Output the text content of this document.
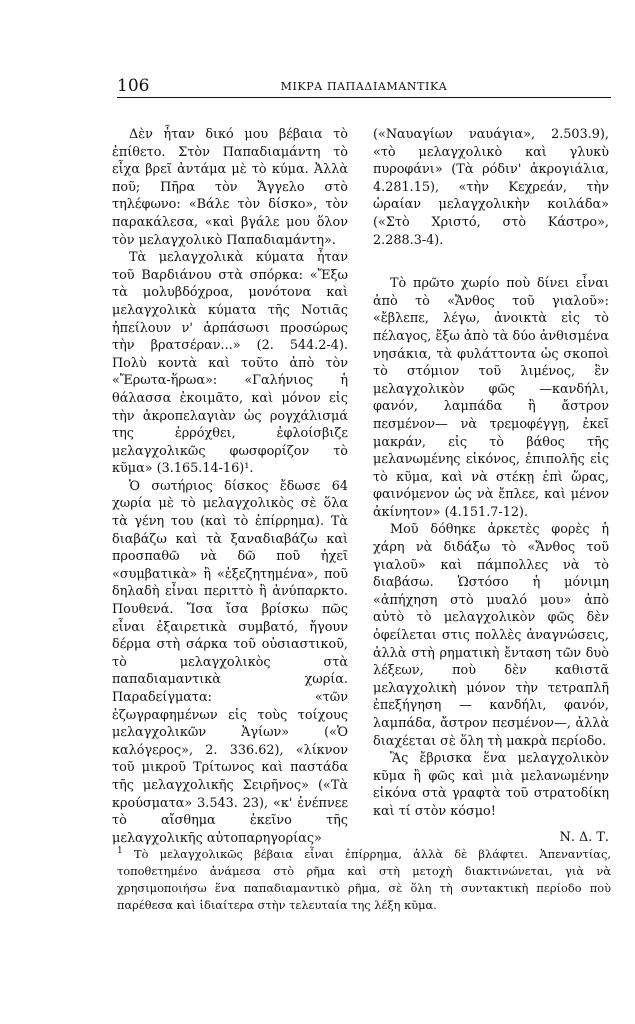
106	ΜΙΚΡΑ ΠΑΠΑΔΙΑΜΑΝΤΙΚΑ

Δὲν ἦταν δικό μου βέβαια τὸ ἐπίθετο. Στὸν Παπαδιαμάντη τὸ εἶχα βρεῖ ἀντάμα μὲ τὸ κύμα. Ἀλλὰ ποῦ; Πῆρα τὸν Ἄγγελο στὸ τηλέφωνο: «Βάλε τὸν δίσκο», τὸν παρακάλεσα, «καὶ βγάλε μου ὅλον τὸν μελαγχολικὸ Παπαδιαμάντη».

Τὰ μελαγχολικὰ κύματα ἦταν τοῦ Βαρδιάνου στὰ σπόρκα: «Ἔξω τὰ μολυβδόχροα, μονότονα καὶ μελαγχολικὰ κύματα τῆς Νοτιᾶς ἠπείλουν ν' ἁρπάσωσι προσώρως τὴν βρατσέραν...» (2. 544.2-4). Πολὺ κοντὰ καὶ τοῦτο ἀπὸ τὸν «Ἔρωτα-ἥρωα»: «Γαλήνιος ἡ θάλασσα ἐκοιμᾶτο, καὶ μόνον εἰς τὴν ἀκροπελαγιὰν ὡς ρογχάλισμά της ἐρρόχθει, ἐφλοίσβιζε μελαγχολικῶς φωσφορίζον τὸ κῦμα» (3.165.14-16)¹.

Ὁ σωτήριος δίσκος ἔδωσε 64 χωρία μὲ τὸ μελαγχολικὸς σὲ ὅλα τὰ γένη του (καὶ τὸ ἐπίρρημα). Τὰ διαβάζω καὶ τὰ ξαναδιαβάζω καὶ προσπαθῶ νὰ δῶ ποῦ ἠχεῖ «συμβατικὰ» ἢ «ἐξεζητημένα», ποῦ δηλαδὴ εἶναι περιττὸ ἢ ἀνύπαρκτο. Πουθενά. Ἴσα ἴσα βρίσκω πῶς εἶναι ἐξαιρετικὰ συμβατό, ἤγουν δέρμα στὴ σάρκα τοῦ οὐσιαστικοῦ, τὸ μελαγχολικὸς στὰ παπαδιαμαντικὰ χωρία. Παραδείγματα: «τῶν ἐζωγραφημένων εἰς τοὺς τοίχους μελαγχολικῶν Ἁγίων» («Ὁ καλόγερος», 2. 336.62), «λίκνον τοῦ μικροῦ Τρίτωνος καὶ παστάδα τῆς μελαγχολικῆς Σειρῆνος» («Τὰ κρούσματα» 3.543. 23), «κ' ἐνέπνεε τὸ αἴσθημα ἐκεῖνο τῆς μελαγχολικῆς αὐτοπαρηγορίας»

(«Ναυαγίων ναυάγια», 2.503.9), «τὸ μελαγχολικὸ καὶ γλυκὺ πυροφάνι» (Τὰ ρόδιν' ἀκρογιάλια, 4.281.15), «τὴν Κεχρεάν, τὴν ὡραίαν μελαγχολικὴν κοιλάδα» («Στὸ Χριστό, στὸ Κάστρο», 2.288.3-4).

Τὸ πρῶτο χωρίο ποὺ δίνει εἶναι ἀπὸ τὸ «Ἄνθος τοῦ γιαλοῦ»: «ἔβλεπε, λέγω, ἀνοικτὰ εἰς τὸ πέλαγος, ἔξω ἀπὸ τὰ δύο ἀνθισμένα νησάκια, τὰ φυλάττοντα ὡς σκοποὶ τὸ στόμιον τοῦ λιμένος, ἓν μελαγχολικὸν φῶς —κανδήλι, φανόν, λαμπάδα ἢ ἄστρον πεσμένον— νὰ τρεμοφέγγῃ, ἐκεῖ μακράν, εἰς τὸ βάθος τῆς μελανωμένης εἰκόνος, ἐπιπολῆς εἰς τὸ κῦμα, καὶ νὰ στέκῃ ἐπὶ ὥρας, φαινόμενον ὡς νὰ ἔπλεε, καὶ μένον ἀκίνητον» (4.151.7-12).

Μοῦ δόθηκε ἀρκετὲς φορὲς ἡ χάρη νὰ διδάξω τὸ «Ἄνθος τοῦ γιαλοῦ» καὶ πάμπολλες νὰ τὸ διαβάσω. Ὡστόσο ἡ μόνιμη «ἀπήχηση στὸ μυαλό μου» ἀπὸ αὐτὸ τὸ μελαγχολικὸν φῶς δὲν ὀφείλεται στις πολλὲς ἀναγνώσεις, ἀλλὰ στὴ ρηματικὴ ἔνταση τῶν δυὸ λέξεων, ποὺ δὲν καθιστᾶ μελαγχολικὴ μόνον τὴν τετραπλῆ ἐπεξήγηση — κανδήλι, φανόν, λαμπάδα, ἄστρον πεσμένον—, ἀλλὰ διαχέεται σὲ ὅλη τὴ μακρὰ περίοδο.

Ἂς ἔβρισκα ἕνα μελαγχολικὸν κῦμα ἢ φῶς καὶ μιὰ μελανωμένην εἰκόνα στὰ γραφτὰ τοῦ στρατοδίκη καὶ τί στὸν κόσμο!

Ν. Δ. Τ.

$^1$ Τὸ μελαγχολικῶς βέβαια εἶναι ἐπίρρημα, ἀλλὰ δὲ βλάφτει. Ἀπεναντίας, τοποθετημένο ἀνάμεσα στὸ ρῆμα καὶ στὴ μετοχὴ διακτινώνεται, γιὰ νὰ χρησιμοποιήσω ἕνα παπαδιαμαντικὸ ρῆμα, σὲ ὅλη τὴ συντακτικὴ περίοδο ποὺ παρέθεσα καὶ ἰδιαίτερα στὴν τελευταία της λέξη κῦμα.
